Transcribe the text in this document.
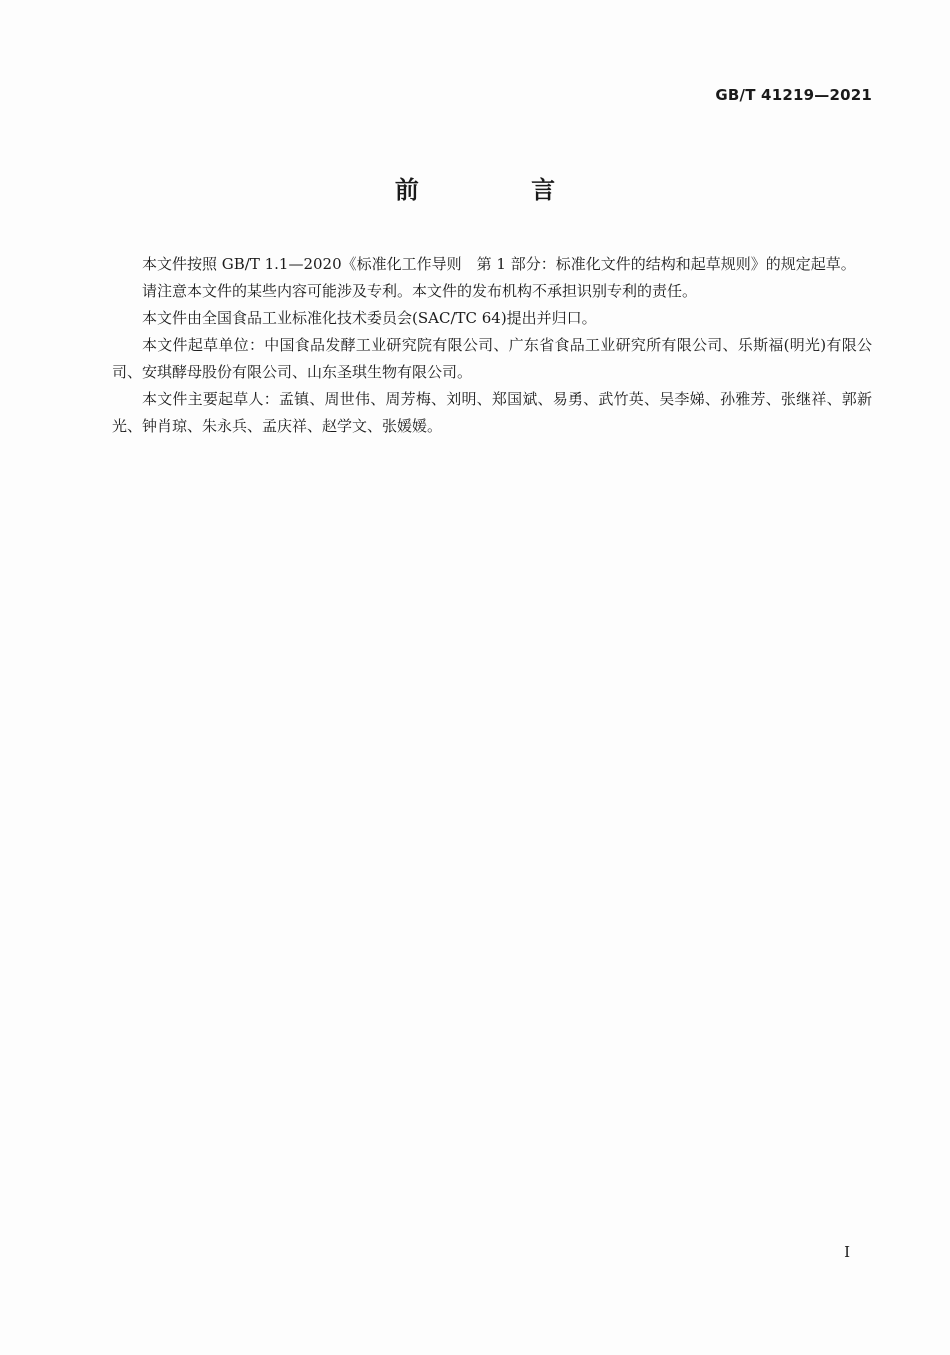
GB/T 41219—2021
前 言

本文件按照 GB/T 1.1—2020《标准化工作导则　第 1 部分：标准化文件的结构和起草规则》的规定起草。

请注意本文件的某些内容可能涉及专利。本文件的发布机构不承担识别专利的责任。

本文件由全国食品工业标准化技术委员会(SAC/TC 64)提出并归口。

本文件起草单位：中国食品发酵工业研究院有限公司、广东省食品工业研究所有限公司、乐斯福(明光)有限公司、安琪酵母股份有限公司、山东圣琪生物有限公司。

本文件主要起草人：孟镇、周世伟、周芳梅、刘明、郑国斌、易勇、武竹英、吴李娣、孙雅芳、张继祥、郭新光、钟肖琼、朱永兵、孟庆祥、赵学文、张媛媛。

I
